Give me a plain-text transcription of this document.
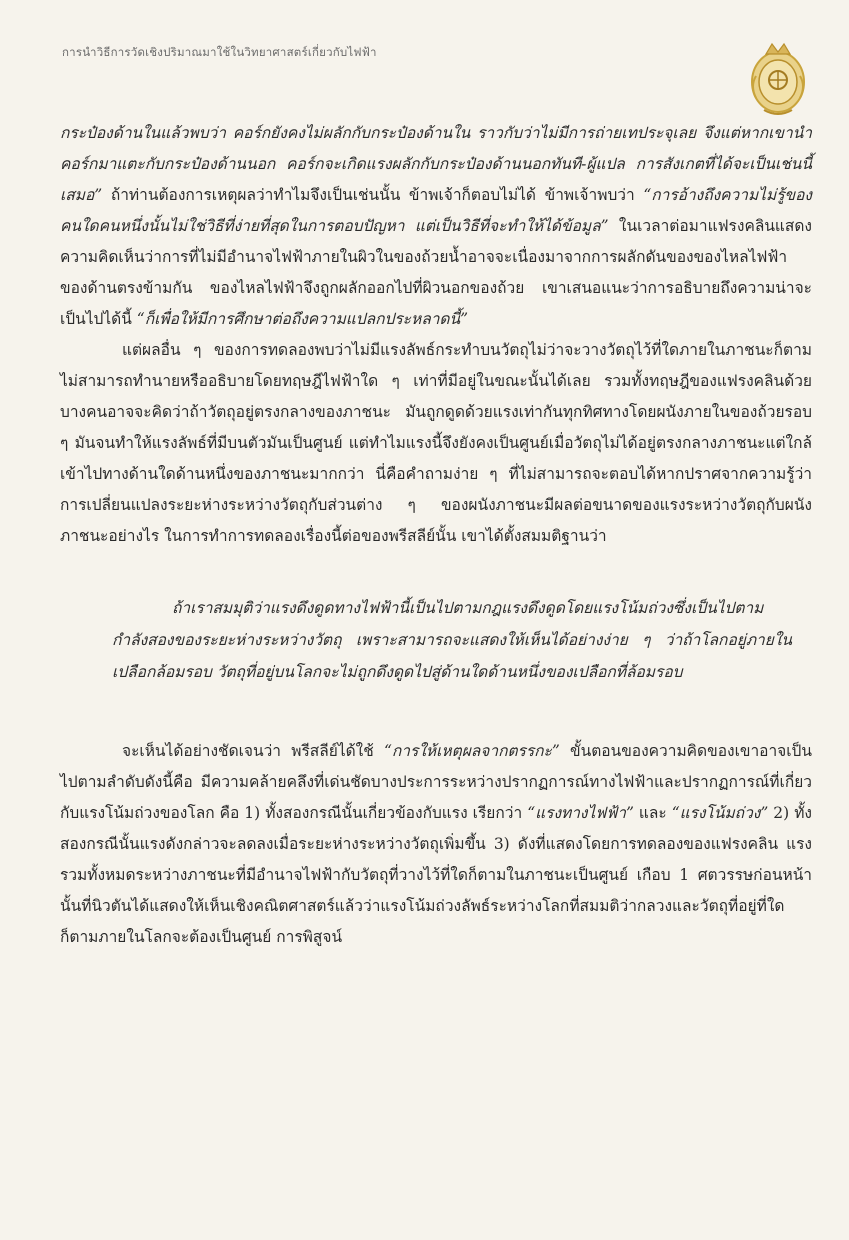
การนำวิธีการวัดเชิงปริมาณมาใช้ในวิทยาศาสตร์เกี่ยวกับไฟฟ้า

กระป๋องด้านในแล้วพบว่า คอร์กยังคงไม่ผลักกับกระป๋องด้านใน ราวกับว่าไม่มีการถ่ายเทประจุเลย จึงแต่หากเขานำคอร์กมาแตะกับกระป๋องด้านนอก คอร์กจะเกิดแรงผลักกับกระป๋องด้านนอกทันที-ผู้แปล การสังเกตที่ได้จะเป็นเช่นนี้เสมอ” ถ้าท่านต้องการเหตุผลว่าทำไมจึงเป็นเช่นนั้น ข้าพเจ้าก็ตอบไม่ได้ ข้าพเจ้าพบว่า “การอ้างถึงความไม่รู้ของคนใดคนหนึ่งนั้นไม่ใช่วิธีที่ง่ายที่สุดในการตอบปัญหา แต่เป็นวิธีที่จะทำให้ได้ข้อมูล” ในเวลาต่อมาแฟรงคลินแสดงความคิดเห็นว่าการที่ไม่มีอำนาจไฟฟ้าภายในผิวในของถ้วยน้ำอาจจะเนื่องมาจากการผลักดันของของไหลไฟฟ้าของด้านตรงข้ามกัน ของไหลไฟฟ้าจึงถูกผลักออกไปที่ผิวนอกของถ้วย เขาเสนอแนะว่าการอธิบายถึงความน่าจะเป็นไปได้นี้ “ก็เพื่อให้มีการศึกษาต่อถึงความแปลกประหลาดนี้”

แต่ผลอื่น ๆ ของการทดลองพบว่าไม่มีแรงลัพธ์กระทำบนวัตถุไม่ว่าจะวางวัตถุไว้ที่ใดภายในภาชนะก็ตาม ไม่สามารถทำนายหรืออธิบายโดยทฤษฎีไฟฟ้าใด ๆ เท่าที่มีอยู่ในขณะนั้นได้เลย รวมทั้งทฤษฎีของแฟรงคลินด้วย บางคนอาจจะคิดว่าถ้าวัตถุอยู่ตรงกลางของภาชนะ มันถูกดูดด้วยแรงเท่ากันทุกทิศทางโดยผนังภายในของถ้วยรอบ ๆ มันจนทำให้แรงลัพธ์ที่มีบนตัวมันเป็นศูนย์ แต่ทำไมแรงนี้จึงยังคงเป็นศูนย์เมื่อวัตถุไม่ได้อยู่ตรงกลางภาชนะแต่ใกล้เข้าไปทางด้านใดด้านหนึ่งของภาชนะมากกว่า นี่คือคำถามง่าย ๆ ที่ไม่สามารถจะตอบได้หากปราศจากความรู้ว่า การเปลี่ยนแปลงระยะห่างระหว่างวัตถุกับส่วนต่าง ๆ ของผนังภาชนะมีผลต่อขนาดของแรงระหว่างวัตถุกับผนังภาชนะอย่างไร ในการทำการทดลองเรื่องนี้ต่อของพรีสลีย์นั้น เขาได้ตั้งสมมติฐานว่า

ถ้าเราสมมุติว่าแรงดึงดูดทางไฟฟ้านี้เป็นไปตามกฎแรงดึงดูดโดยแรงโน้มถ่วงซึ่งเป็นไปตามกำลังสองของระยะห่างระหว่างวัตถุ เพราะสามารถจะแสดงให้เห็นได้อย่างง่าย ๆ ว่าถ้าโลกอยู่ภายในเปลือกล้อมรอบ วัตถุที่อยู่บนโลกจะไม่ถูกดึงดูดไปสู่ด้านใดด้านหนึ่งของเปลือกที่ล้อมรอบ

จะเห็นได้อย่างชัดเจนว่า พรีสลีย์ได้ใช้ “การให้เหตุผลจากตรรกะ” ขั้นตอนของความคิดของเขาอาจเป็นไปตามลำดับดังนี้คือ มีความคล้ายคลึงที่เด่นชัดบางประการระหว่างปรากฏการณ์ทางไฟฟ้าและปรากฏการณ์ที่เกี่ยวกับแรงโน้มถ่วงของโลก คือ 1) ทั้งสองกรณีนั้นเกี่ยวข้องกับแรง เรียกว่า “แรงทางไฟฟ้า” และ “แรงโน้มถ่วง” 2) ทั้งสองกรณีนั้นแรงดังกล่าวจะลดลงเมื่อระยะห่างระหว่างวัตถุเพิ่มขึ้น 3) ดังที่แสดงโดยการทดลองของแฟรงคลิน แรงรวมทั้งหมดระหว่างภาชนะที่มีอำนาจไฟฟ้ากับวัตถุที่วางไว้ที่ใดก็ตามในภาชนะเป็นศูนย์ เกือบ 1 ศตวรรษก่อนหน้านั้นที่นิวตันได้แสดงให้เห็นเชิงคณิตศาสตร์แล้วว่าแรงโน้มถ่วงลัพธ์ระหว่างโลกที่สมมติว่ากลวงและวัตถุที่อยู่ที่ใดก็ตามภายในโลกจะต้องเป็นศูนย์ การพิสูจน์
